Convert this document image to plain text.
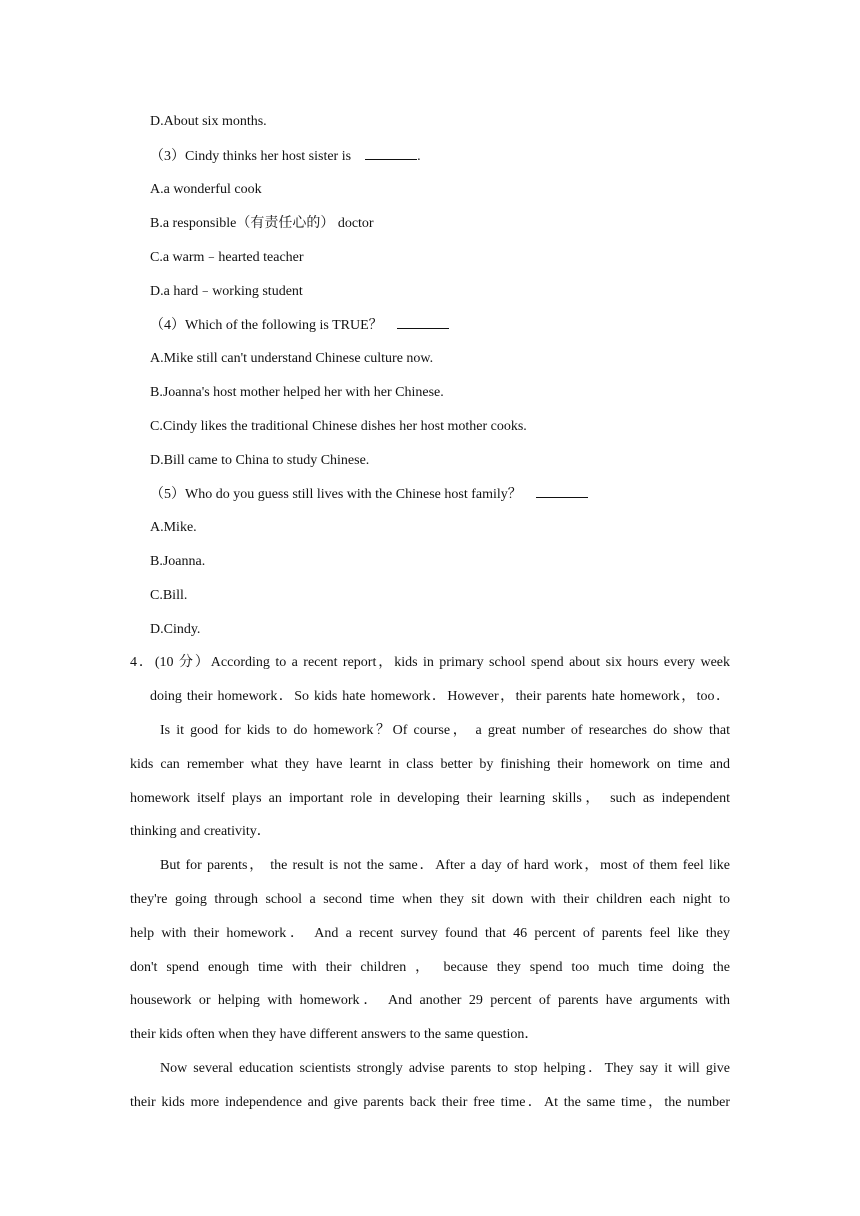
D.About six months.
（3）Cindy thinks her host sister is	.
A.a wonderful cook
B.a responsible（有责任心的） doctor
C.a warm﹣hearted teacher
D.a hard﹣working student
（4）Which of the following is TRUE？
A.Mike still can't understand Chinese culture now.
B.Joanna's host mother helped her with her Chinese.
C.Cindy likes the traditional Chinese dishes her host mother cooks.
D.Bill came to China to study Chinese.
（5）Who do you guess still lives with the Chinese host family？
A.Mike.
B.Joanna.
C.Bill.
D.Cindy.
4．(10 分）According to a recent report，kids in primary school spend about six hours every week
doing their homework．So kids hate homework．However，their parents hate homework，too．
Is it good for kids to do homework？Of course， a great number of researches do show that
kids can remember what they have learnt in class better by finishing their homework on time and
homework itself plays an important role in developing their learning skills， such as independent
thinking and creativity．
But for parents， the result is not the same．After a day of hard work，most of them feel like
they're going through school a second time when they sit down with their children each night to
help with their homework． And a recent survey found that 46 percent of parents feel like they
don't spend enough time with their children ， because they spend too much time doing the
housework or helping with homework． And another 29 percent of parents have arguments with
their kids often when they have different answers to the same question．
Now several education scientists strongly advise parents to stop helping．They say it will give
their kids more independence and give parents back their free time．At the same time，the number
